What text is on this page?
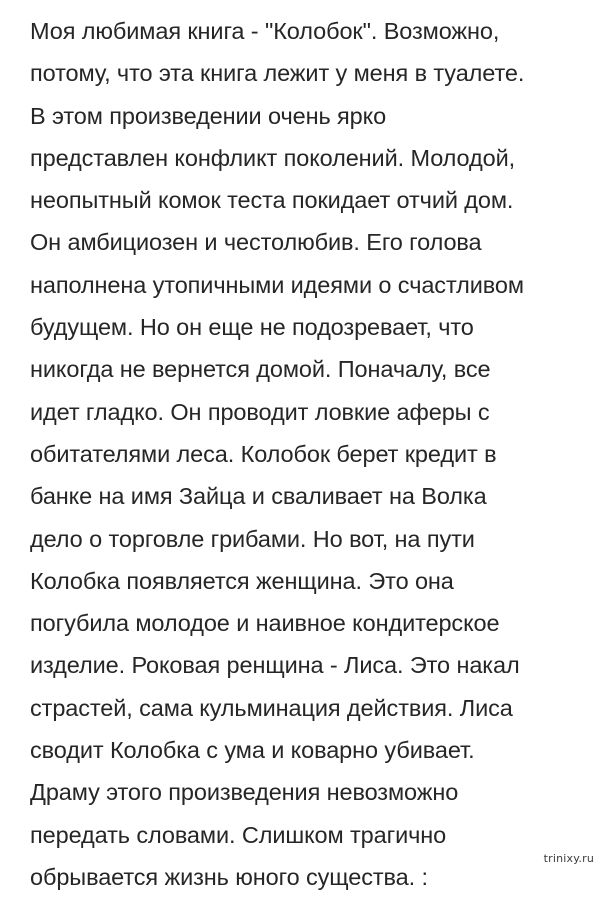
Моя любимая книга - "Колобок". Возможно,
потому, что эта книга лежит у меня в туалете.
В этом произведении очень ярко
представлен конфликт поколений. Молодой,
неопытный комок теста покидает отчий дом.
Он амбициозен и честолюбив. Его голова
наполнена утопичными идеями о счастливом
будущем. Но он еще не подозревает, что
никогда не вернется домой. Поначалу, все
идет гладко. Он проводит ловкие аферы с
обитателями леса. Колобок берет кредит в
банке на имя Зайца и сваливает на Волка
дело о торговле грибами. Но вот, на пути
Колобка появляется женщина. Это она
погубила молодое и наивное кондитерское
изделие. Роковая ренщина - Лиса. Это накал
страстей, сама кульминация действия. Лиса
сводит Колобка с ума и коварно убивает.
Драму этого произведения невозможно
передать словами. Слишком трагично
обрывается жизнь юного существа. :
trinixy.ru
